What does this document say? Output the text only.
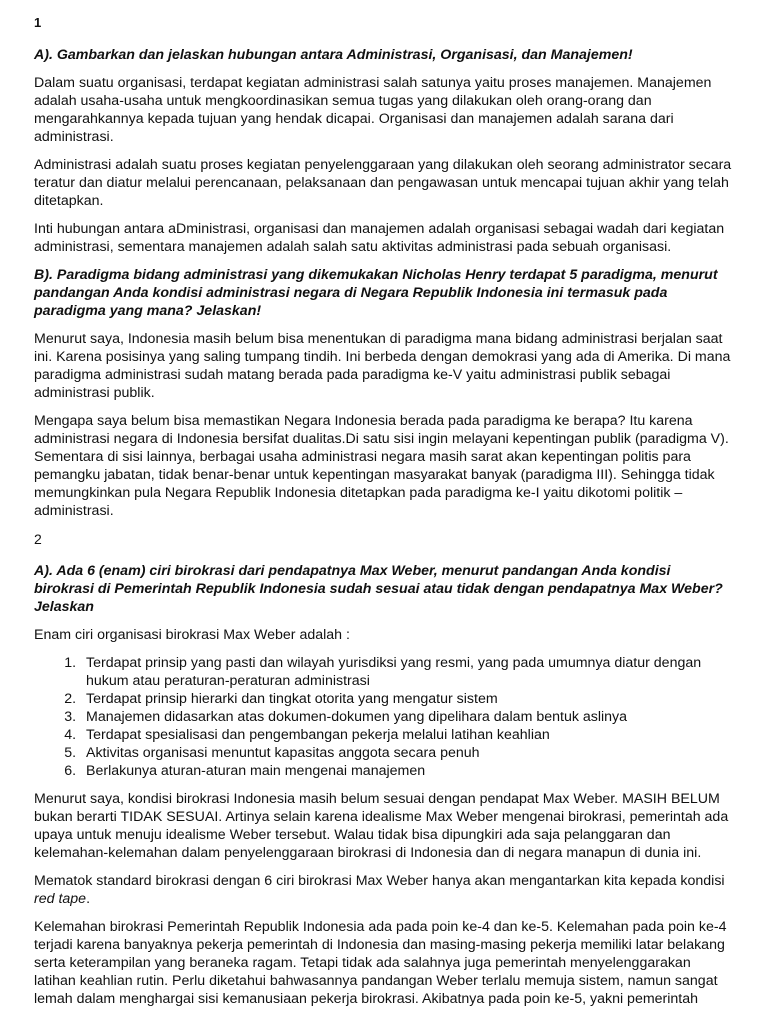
1

A). Gambarkan dan jelaskan hubungan antara Administrasi, Organisasi, dan Manajemen!

Dalam suatu organisasi, terdapat kegiatan administrasi salah satunya yaitu proses manajemen. Manajemen adalah usaha-usaha untuk mengkoordinasikan semua tugas yang dilakukan oleh orang-orang dan mengarahkannya kepada tujuan yang hendak dicapai. Organisasi dan manajemen adalah sarana dari administrasi.

Administrasi adalah suatu proses kegiatan penyelenggaraan yang dilakukan oleh seorang administrator secara teratur dan diatur melalui perencanaan, pelaksanaan dan pengawasan untuk mencapai tujuan akhir yang telah ditetapkan.

Inti hubungan antara aDministrasi, organisasi dan manajemen adalah organisasi sebagai wadah dari kegiatan administrasi, sementara manajemen adalah salah satu aktivitas administrasi pada sebuah organisasi.

B). Paradigma bidang administrasi yang dikemukakan Nicholas Henry terdapat 5 paradigma, menurut pandangan Anda kondisi administrasi negara di Negara Republik Indonesia ini termasuk pada paradigma yang mana? Jelaskan!

Menurut saya, Indonesia masih belum bisa menentukan di paradigma mana bidang administrasi berjalan saat ini. Karena posisinya yang saling tumpang tindih. Ini berbeda dengan demokrasi yang ada di Amerika. Di mana paradigma administrasi sudah matang berada pada paradigma ke-V yaitu administrasi publik sebagai administrasi publik.

Mengapa saya belum bisa memastikan Negara Indonesia berada pada paradigma ke berapa? Itu karena administrasi negara di Indonesia bersifat dualitas.Di satu sisi ingin melayani kepentingan publik (paradigma V). Sementara di sisi lainnya, berbagai usaha administrasi negara masih sarat akan kepentingan politis para pemangku jabatan, tidak benar-benar untuk kepentingan masyarakat banyak (paradigma III). Sehingga tidak memungkinkan pula Negara Republik Indonesia ditetapkan pada paradigma ke-I yaitu dikotomi politik – administrasi.

2

A). Ada 6 (enam) ciri birokrasi dari pendapatnya Max Weber, menurut pandangan Anda kondisi birokrasi di Pemerintah Republik Indonesia sudah sesuai atau tidak dengan pendapatnya Max Weber? Jelaskan

Enam ciri organisasi birokrasi Max Weber adalah :

1. Terdapat prinsip yang pasti dan wilayah yurisdiksi yang resmi, yang pada umumnya diatur dengan hukum atau peraturan-peraturan administrasi
2. Terdapat prinsip hierarki dan tingkat otorita yang mengatur sistem
3. Manajemen didasarkan atas dokumen-dokumen yang dipelihara dalam bentuk aslinya
4. Terdapat spesialisasi dan pengembangan pekerja melalui latihan keahlian
5. Aktivitas organisasi menuntut kapasitas anggota secara penuh
6. Berlakunya aturan-aturan main mengenai manajemen

Menurut saya, kondisi birokrasi Indonesia masih belum sesuai dengan pendapat Max Weber. MASIH BELUM bukan berarti TIDAK SESUAI. Artinya selain karena idealisme Max Weber mengenai birokrasi, pemerintah ada upaya untuk menuju idealisme Weber tersebut. Walau tidak bisa dipungkiri ada saja pelanggaran dan kelemahan-kelemahan dalam penyelenggaraan birokrasi di Indonesia dan di negara manapun di dunia ini.

Mematok standard birokrasi dengan 6 ciri birokrasi Max Weber hanya akan mengantarkan kita kepada kondisi red tape.

Kelemahan birokrasi Pemerintah Republik Indonesia ada pada poin ke-4 dan ke-5. Kelemahan pada poin ke-4 terjadi karena banyaknya pekerja pemerintah di Indonesia dan masing-masing pekerja memiliki latar belakang serta keterampilan yang beraneka ragam. Tetapi tidak ada salahnya juga pemerintah menyelenggarakan latihan keahlian rutin. Perlu diketahui bahwasannya pandangan Weber terlalu memuja sistem, namun sangat lemah dalam menghargai sisi kemanusiaan pekerja birokrasi. Akibatnya pada poin ke-5, yakni pemerintah
